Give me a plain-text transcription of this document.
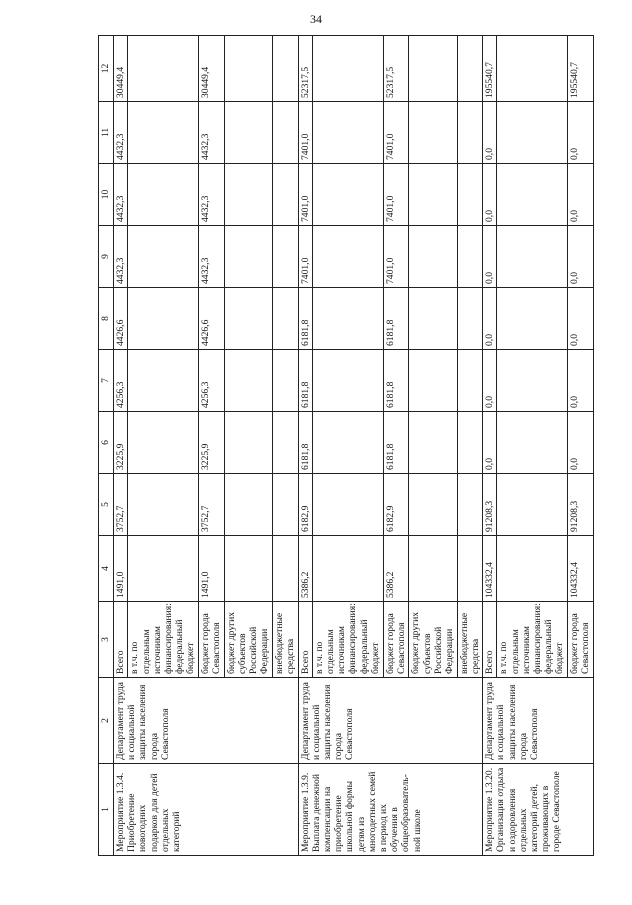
34
1	2	3	4	5	6	7	8	9	10	11	12
Мероприятие 1.3.4. Приобретение новогодних подарков для детей отдельных категорий	Департамент труда и социальной защиты населения города Севастополя	Всего	1491,0	3752,7	3225,9	4256,3	4426,6	4432,3	4432,3	4432,3	30449,4
		в т.ч. по отдельным источникам финансирования: федеральный бюджет									
		бюджет города Севастополя	1491,0	3752,7	3225,9	4256,3	4426,6	4432,3	4432,3	4432,3	30449,4
		бюджет других субъектов Российской Федерации									
		внебюджетные средства									
Мероприятие 1.3.9. Выплата денежной компенсации на приобретение школьной формы детям из многодетных семей в период их обучения в общеобразователь-ной школе	Департамент труда и социальной защиты населения города Севастополя	Всего	5386,2	6182,9	6181,8	6181,8	6181,8	7401,0	7401,0	7401,0	52317,5
		в т.ч. по отдельным источникам финансирования: федеральный бюджет									
		бюджет города Севастополя	5386,2	6182,9	6181,8	6181,8	6181,8	7401,0	7401,0	7401,0	52317,5
		бюджет других субъектов Российской Федерации									
		внебюджетные средства									
Мероприятие 1.3.20. Организация отдыха и оздоровления отдельных категорий детей, проживающих в городе Севастополе	Департамент труда и социальной защиты населения города Севастополя	Всего	104332,4	91208,3	0,0	0,0	0,0	0,0	0,0	0,0	195540,7
		в т.ч. по отдельным источникам финансирования: федеральный бюджет									
		бюджет города Севастополя	104332,4	91208,3	0,0	0,0	0,0	0,0	0,0	0,0	195540,7
